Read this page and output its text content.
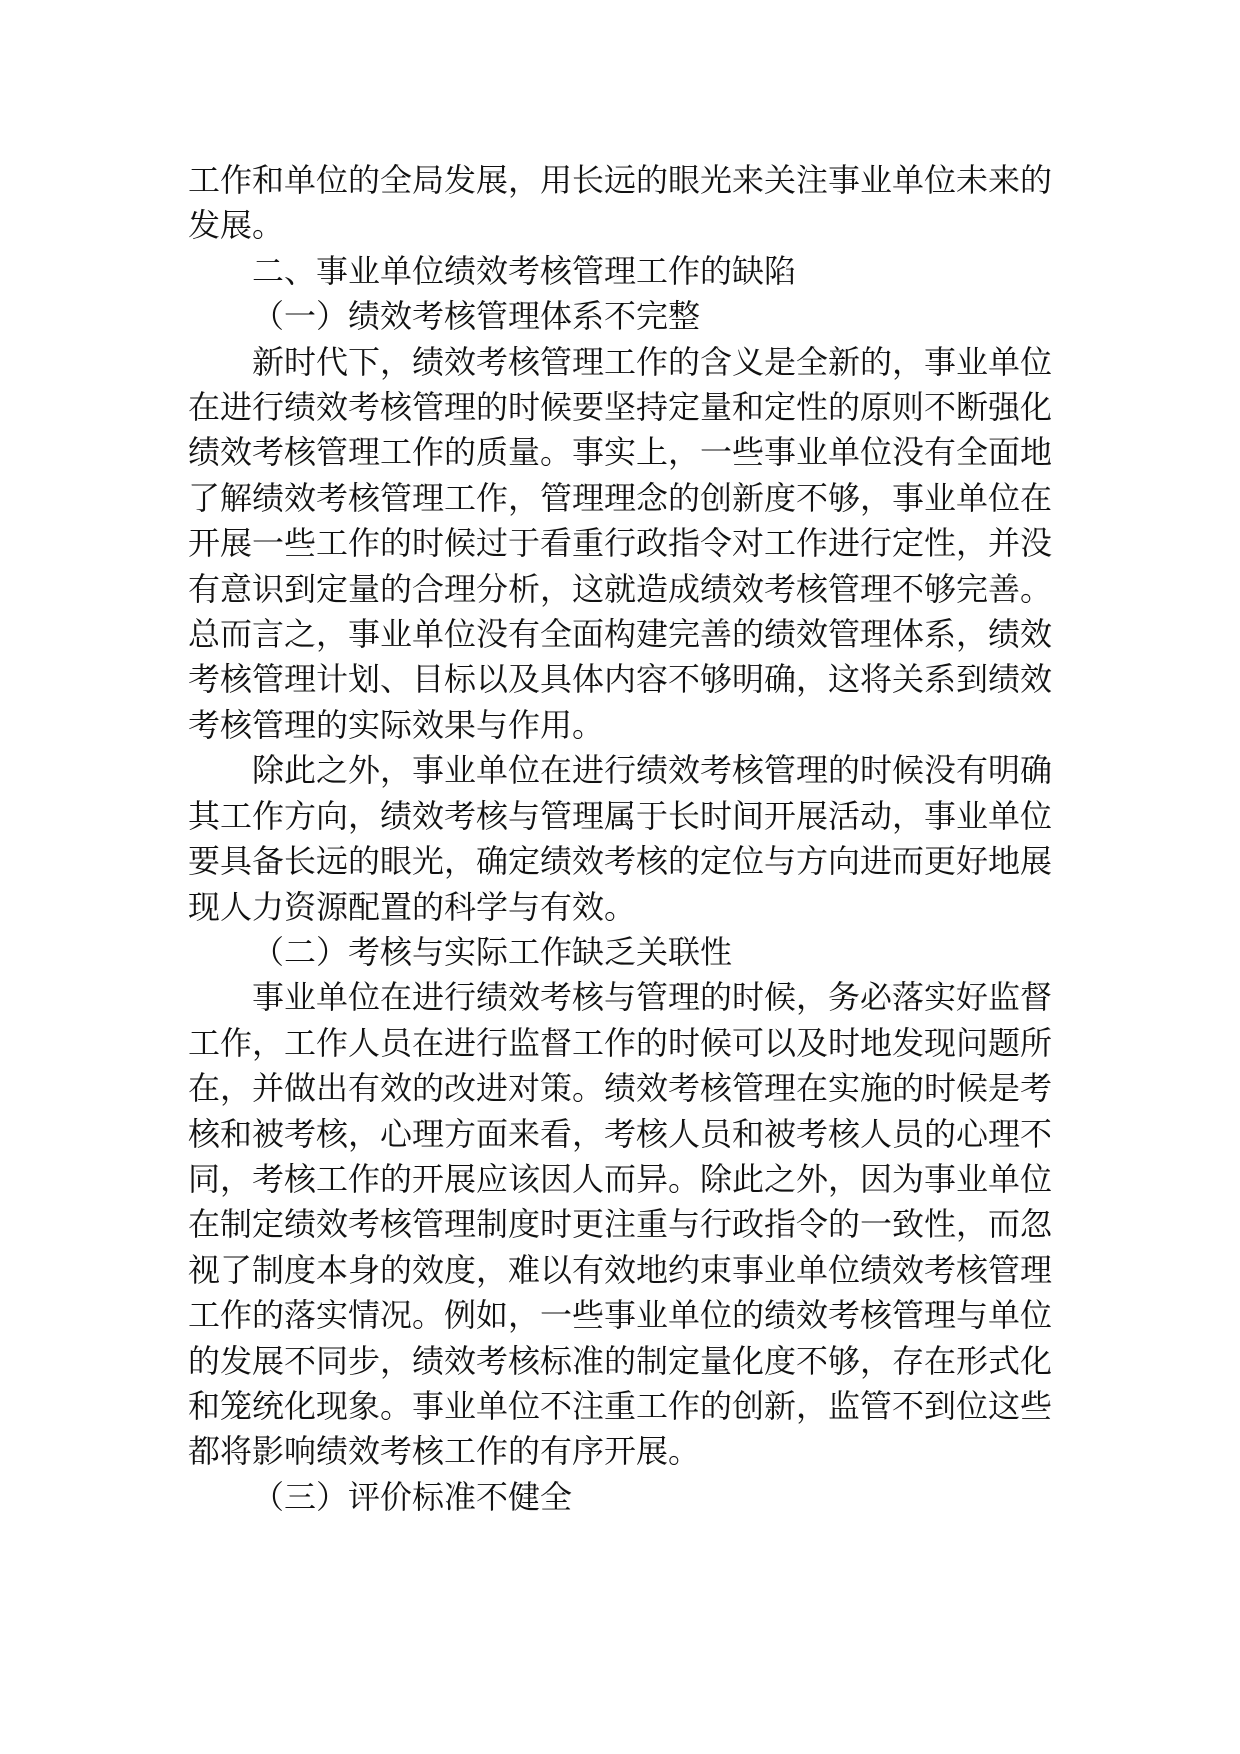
工作和单位的全局发展，用长远的眼光来关注事业单位未来的发展。

二、事业单位绩效考核管理工作的缺陷

（一）绩效考核管理体系不完整

新时代下，绩效考核管理工作的含义是全新的，事业单位在进行绩效考核管理的时候要坚持定量和定性的原则不断强化绩效考核管理工作的质量。事实上，一些事业单位没有全面地了解绩效考核管理工作，管理理念的创新度不够，事业单位在开展一些工作的时候过于看重行政指令对工作进行定性，并没有意识到定量的合理分析，这就造成绩效考核管理不够完善。总而言之，事业单位没有全面构建完善的绩效管理体系，绩效考核管理计划、目标以及具体内容不够明确，这将关系到绩效考核管理的实际效果与作用。

除此之外，事业单位在进行绩效考核管理的时候没有明确其工作方向，绩效考核与管理属于长时间开展活动，事业单位要具备长远的眼光，确定绩效考核的定位与方向进而更好地展现人力资源配置的科学与有效。

（二）考核与实际工作缺乏关联性

事业单位在进行绩效考核与管理的时候，务必落实好监督工作，工作人员在进行监督工作的时候可以及时地发现问题所在，并做出有效的改进对策。绩效考核管理在实施的时候是考核和被考核，心理方面来看，考核人员和被考核人员的心理不同，考核工作的开展应该因人而异。除此之外，因为事业单位在制定绩效考核管理制度时更注重与行政指令的一致性，而忽视了制度本身的效度，难以有效地约束事业单位绩效考核管理工作的落实情况。例如，一些事业单位的绩效考核管理与单位的发展不同步，绩效考核标准的制定量化度不够，存在形式化和笼统化现象。事业单位不注重工作的创新，监管不到位这些都将影响绩效考核工作的有序开展。

（三）评价标准不健全
